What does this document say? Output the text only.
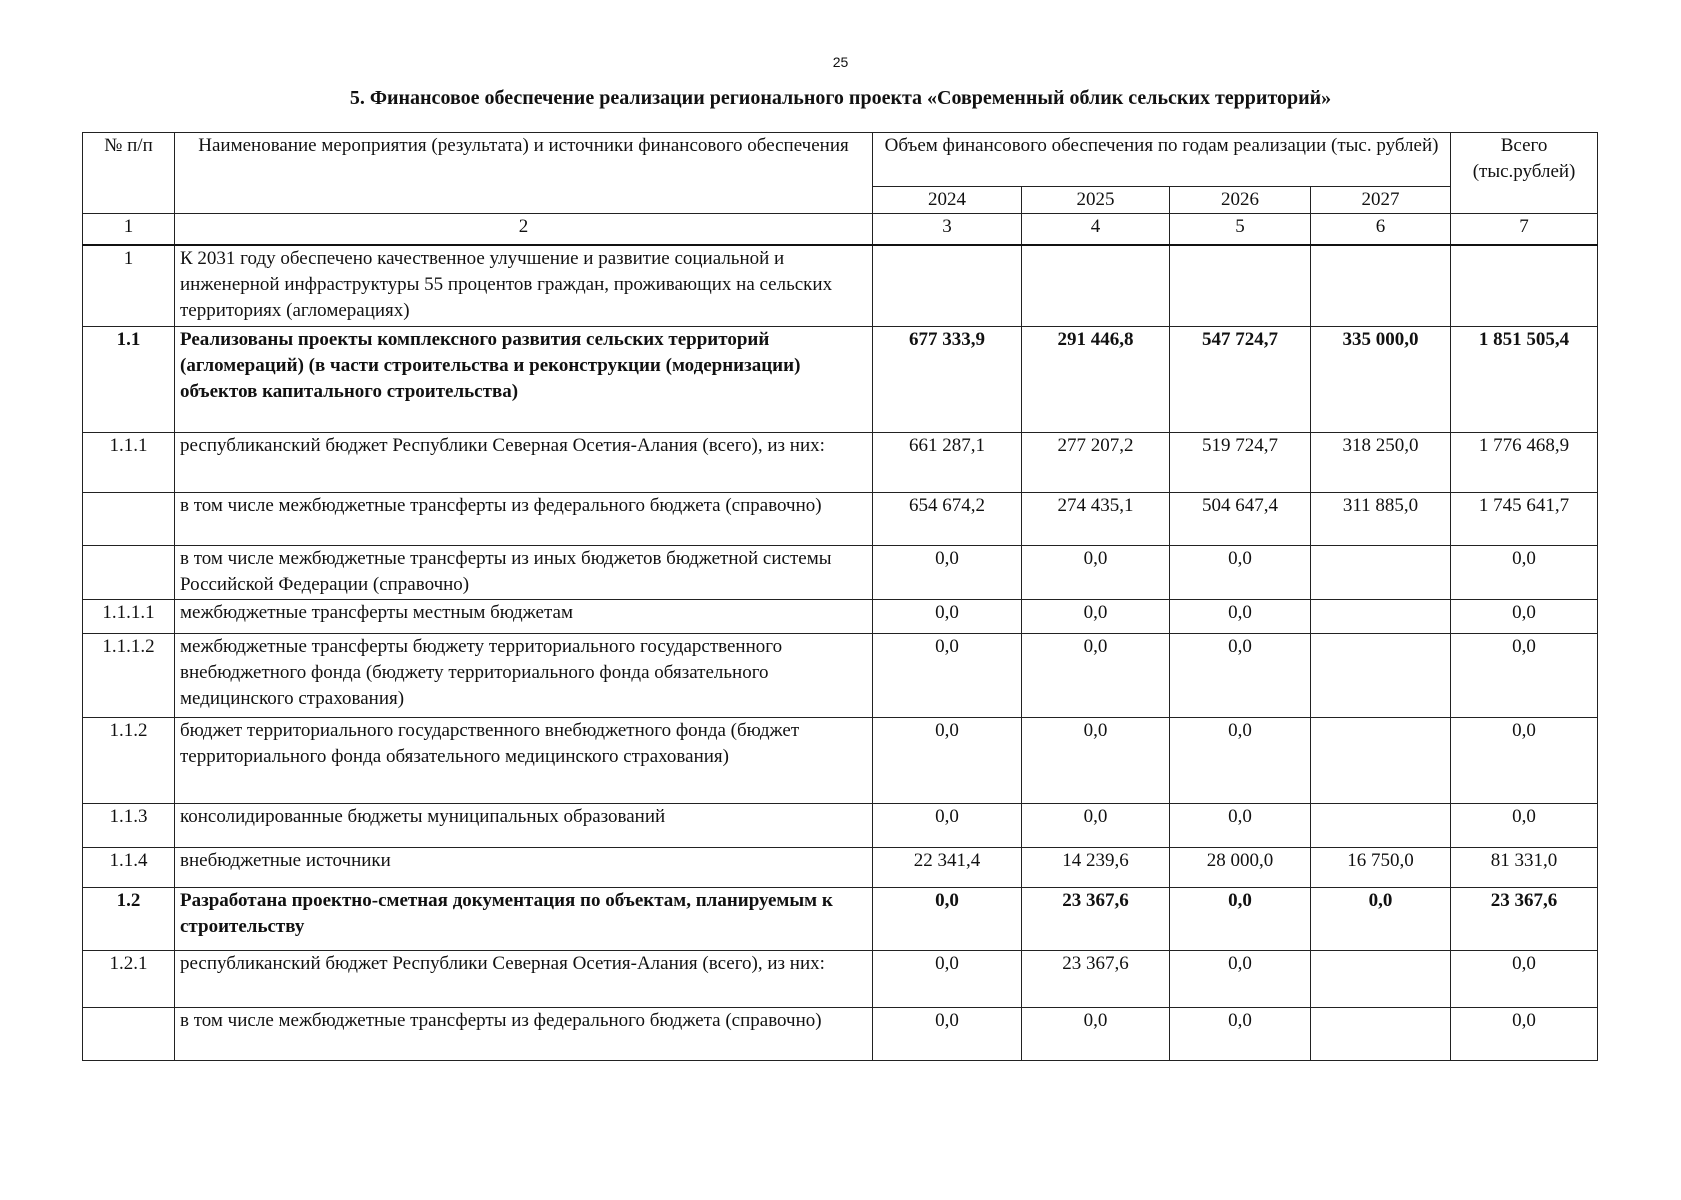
25
5. Финансовое обеспечение реализации регионального проекта «Современный облик сельских территорий»
№ п/п	Наименование мероприятия (результата) и источники финансового обеспечения	Объем финансового обеспечения по годам реализации (тыс. рублей)				Всего (тыс.рублей)
		2024	2025	2026	2027	
1	2	3	4	5	6	7
1	К 2031 году обеспечено качественное улучшение и развитие социальной и инженерной инфраструктуры 55 процентов граждан, проживающих на сельских территориях (агломерациях)					
1.1	Реализованы проекты комплексного развития сельских территорий (агломераций) (в части строительства и реконструкции (модернизации) объектов капитального строительства)	677 333,9	291 446,8	547 724,7	335 000,0	1 851 505,4
1.1.1	республиканский бюджет Республики Северная Осетия-Алания (всего), из них:	661 287,1	277 207,2	519 724,7	318 250,0	1 776 468,9
	в том числе межбюджетные трансферты из федерального бюджета (справочно)	654 674,2	274 435,1	504 647,4	311 885,0	1 745 641,7
	в том числе межбюджетные трансферты из иных бюджетов бюджетной системы Российской Федерации (справочно)	0,0	0,0	0,0		0,0
1.1.1.1	межбюджетные трансферты местным бюджетам	0,0	0,0	0,0		0,0
1.1.1.2	межбюджетные трансферты бюджету территориального государственного внебюджетного фонда (бюджету территориального фонда обязательного медицинского страхования)	0,0	0,0	0,0		0,0
1.1.2	бюджет территориального государственного внебюджетного фонда (бюджет территориального фонда обязательного медицинского страхования)	0,0	0,0	0,0		0,0
1.1.3	консолидированные бюджеты муниципальных образований	0,0	0,0	0,0		0,0
1.1.4	внебюджетные источники	22 341,4	14 239,6	28 000,0	16 750,0	81 331,0
1.2	Разработана проектно-сметная документация по объектам, планируемым к строительству	0,0	23 367,6	0,0	0,0	23 367,6
1.2.1	республиканский бюджет Республики Северная Осетия-Алания (всего), из них:	0,0	23 367,6	0,0		0,0
	в том числе межбюджетные трансферты из федерального бюджета (справочно)	0,0	0,0	0,0		0,0
